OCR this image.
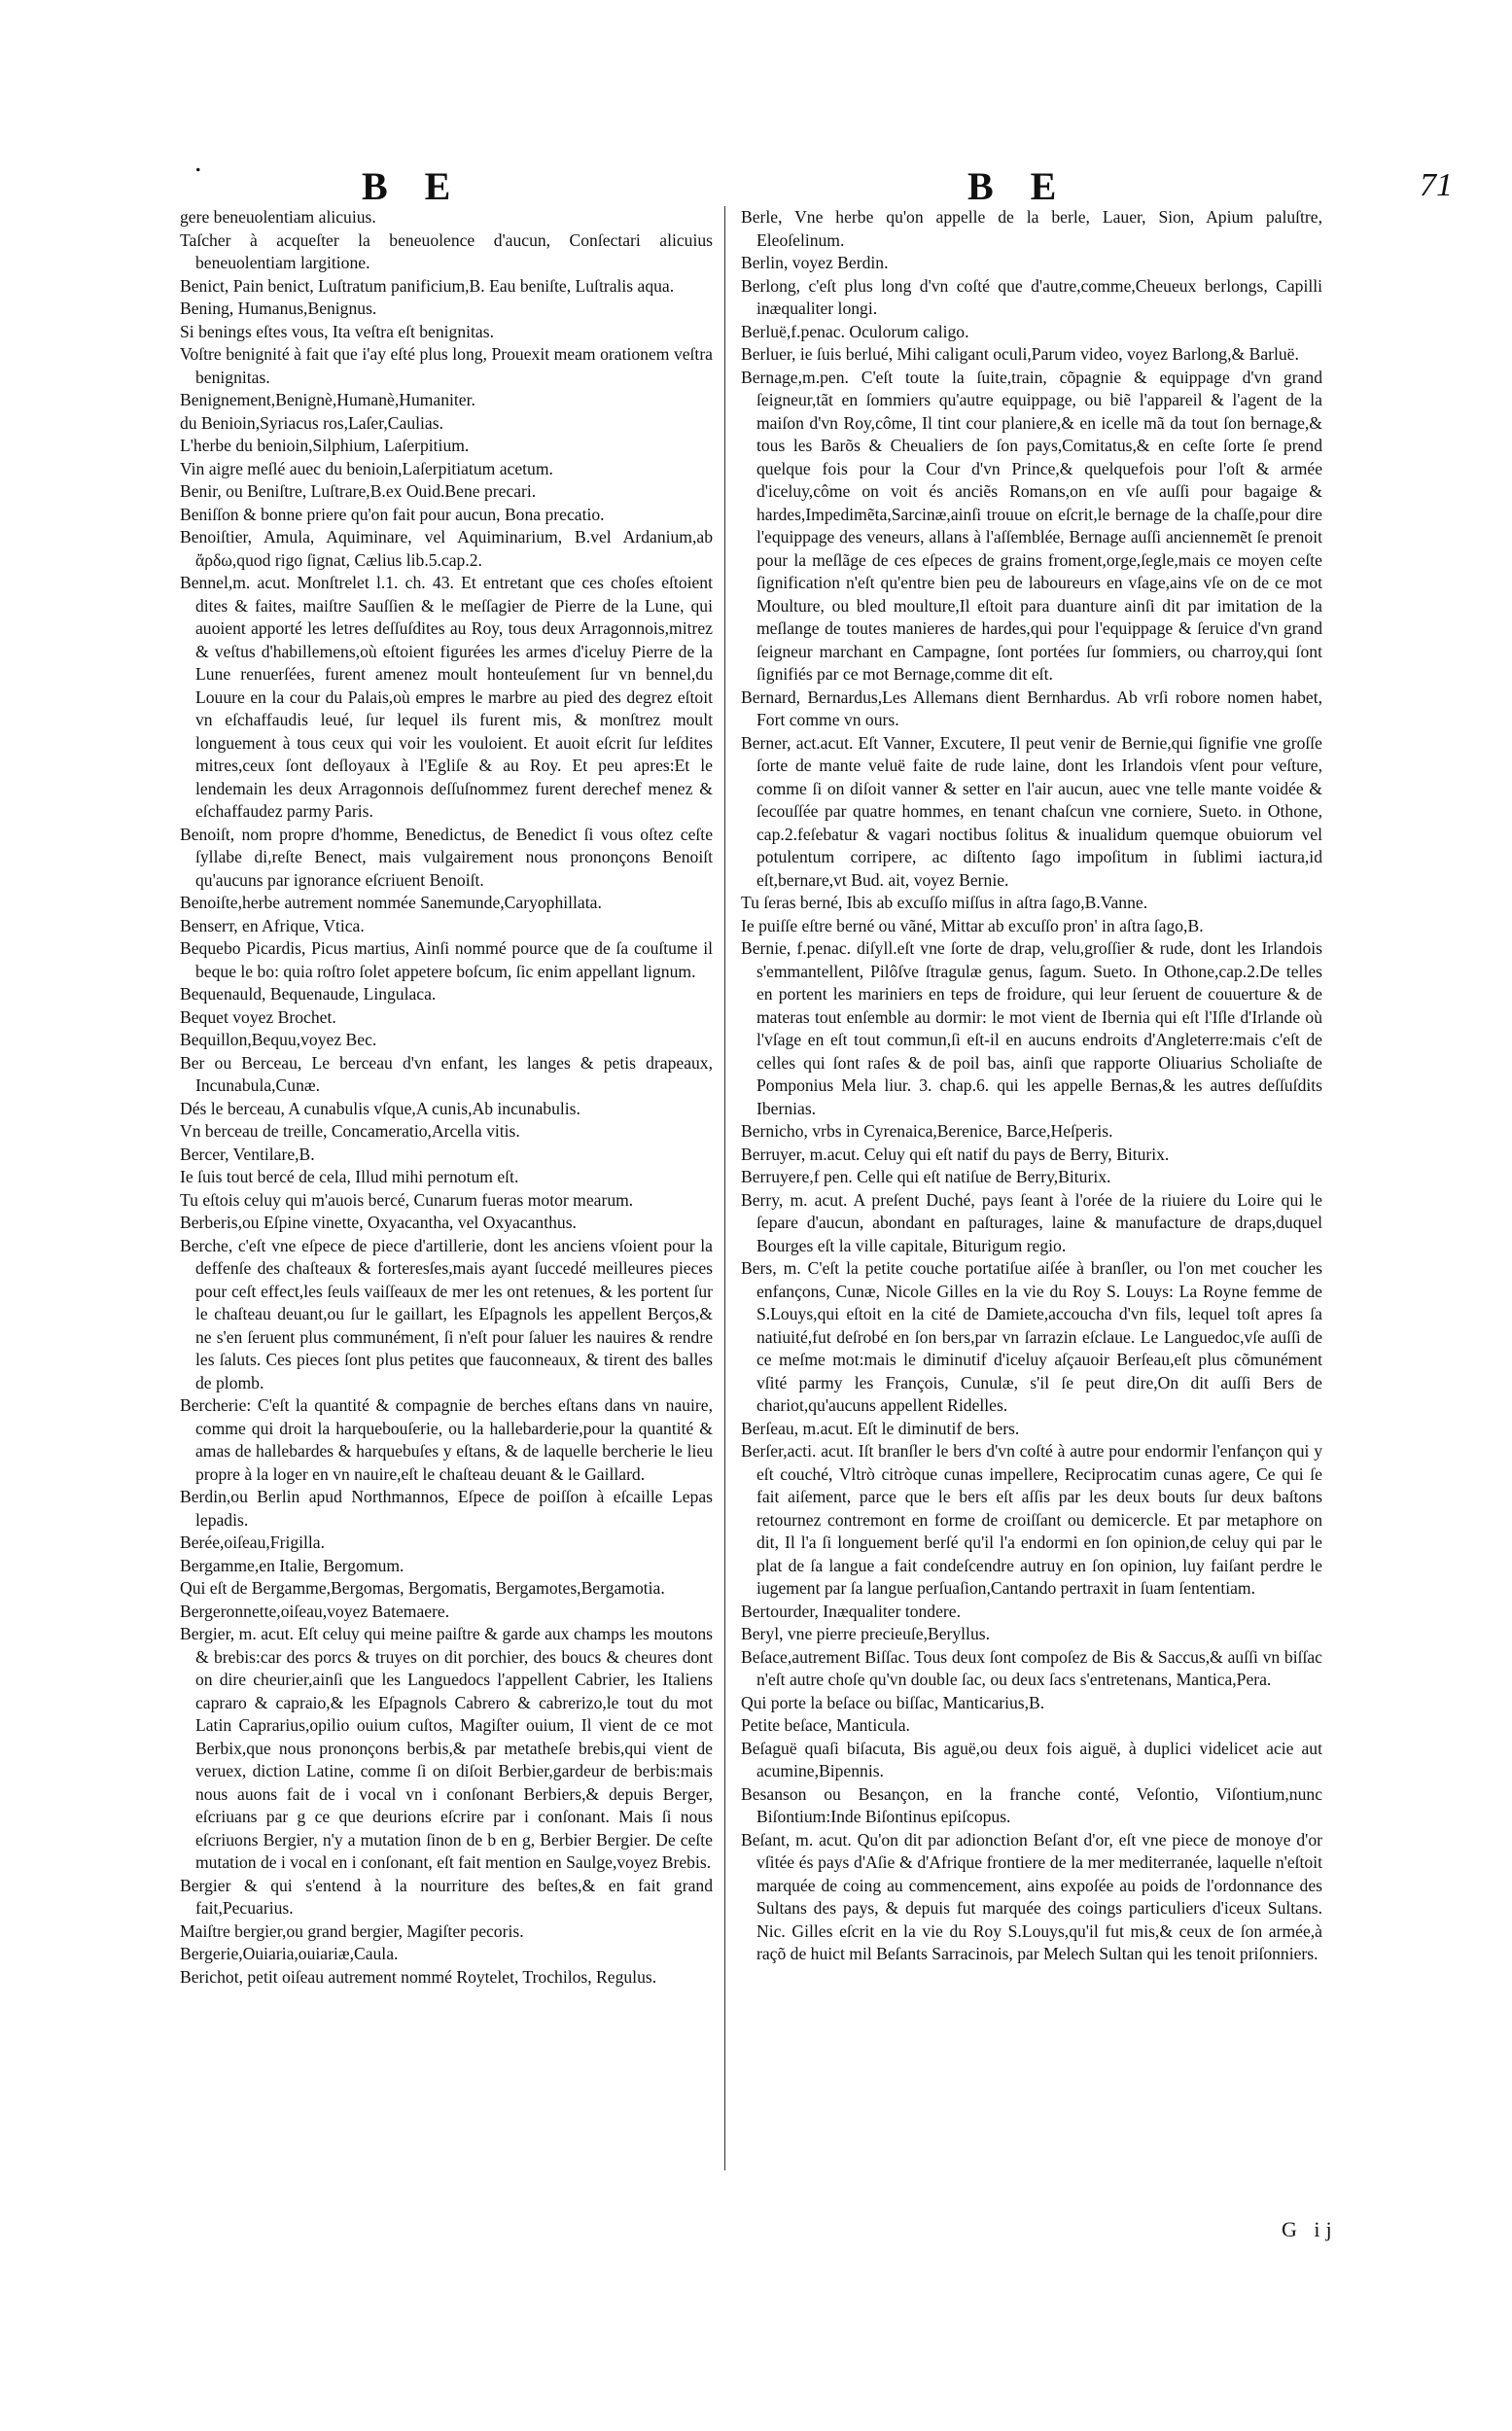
.
B E	B E	71

gere beneuolentiam alicuius.

Taſcher à acqueſter la beneuolence d'aucun, Conſectari alicuius beneuolentiam largitione.

Benict, Pain benict, Luſtratum panificium,B. Eau beniſte, Luſtralis aqua.

Bening, Humanus,Benignus.

Si benings eſtes vous, Ita veſtra eſt benignitas.

Voſtre benignité à fait que i'ay eſté plus long, Prouexit meam orationem veſtra benignitas.

Benignement,Benignè,Humanè,Humaniter.

du Benioin,Syriacus ros,Laſer,Caulias.

L'herbe du benioin,Silphium, Laſerpitium.

Vin aigre meſlé auec du benioin,Laſerpitiatum acetum.

Benir, ou Beniſtre, Luſtrare,B.ex Ouid.Bene precari.

Beniſſon & bonne priere qu'on fait pour aucun, Bona precatio.

Benoiſtier, Amula, Aquiminare, vel Aquiminarium, B.vel Ardanium,ab ἄρδω,quod rigo ſignat, Cælius lib.5.cap.2.

Bennel,m. acut. Monſtrelet l.1. ch. 43. Et entretant que ces choſes eſtoient dites & faites, maiſtre Sauſſien & le meſſagier de Pierre de la Lune, qui auoient apporté les letres deſſuſdites au Roy, tous deux Arragonnois,mitrez & veſtus d'habillemens,où eſtoient figurées les armes d'iceluy Pierre de la Lune renuerſées, furent amenez moult honteuſement ſur vn bennel,du Louure en la cour du Palais,où empres le marbre au pied des degrez eſtoit vn eſchaffaudis leué, ſur lequel ils furent mis, & monſtrez moult longuement à tous ceux qui voir les vouloient. Et auoit eſcrit ſur leſdites mitres,ceux ſont deſloyaux à l'Egliſe & au Roy. Et peu apres:Et le lendemain les deux Arragonnois deſſuſnommez furent derechef menez & eſchaffaudez parmy Paris.

Benoiſt, nom propre d'homme, Benedictus, de Benedict ſi vous oſtez ceſte ſyllabe di,reſte Benect, mais vulgairement nous prononçons Benoiſt qu'aucuns par ignorance eſcriuent Benoiſt.

Benoiſte,herbe autrement nommée Sanemunde,Caryophillata.

Benserт, en Afrique, Vtica.

Bequebo Picardis, Picus martius, Ainſi nommé pource que de ſa couſtume il beque le bo: quia roſtro ſolet appetere boſcum, ſic enim appellant lignum.

Bequenauld, Bequenaude, Lingulaca.

Bequet voyez Brochet.

Bequillon,Bequu,voyez Bec.

Ber ou Berceau, Le berceau d'vn enfant, les langes & petis drapeaux, Incunabula,Cunæ.

Dés le berceau, A cunabulis vſque,A cunis,Ab incunabulis.

Vn berceau de treille, Concameratio,Arcella vitis.

Bercer, Ventilare,B.

Ie ſuis tout bercé de cela, Illud mihi pernotum eſt.

Tu eſtois celuy qui m'auois bercé, Cunarum fueras motor mearum.

Berberis,ou Eſpine vinette, Oxyacantha, vel Oxyacanthus.

Berche, c'eſt vne eſpece de piece d'artillerie, dont les anciens vſoient pour la deffenſe des chaſteaux & forteresſes,mais ayant ſuccedé meilleures pieces pour ceſt effect,les ſeuls vaiſſeaux de mer les ont retenues, & les portent ſur le chaſteau deuant,ou ſur le gaillart, les Eſpagnols les appellent Berços,& ne s'en ſeruent plus communément, ſi n'eſt pour ſaluer les nauires & rendre les ſaluts. Ces pieces ſont plus petites que fauconneaux, & tirent des balles de plomb.

Bercherie: C'eſt la quantité & compagnie de berches eſtans dans vn nauire, comme qui droit la harquebouſerie, ou la hallebarderie,pour la quantité & amas de hallebardes & harquebuſes y eſtans, & de laquelle bercherie le lieu propre à la loger en vn nauire,eſt le chaſteau deuant & le Gaillard.

Berdin,ou Berlin apud Northmannos, Eſpece de poiſſon à eſcaille Lepas lepadis.

Berée,oiſeau,Frigilla.

Bergamme,en Italie, Bergomum.

Qui eſt de Bergamme,Bergomas, Bergomatis, Bergamotes,Bergamotia.

Bergeronnette,oiſeau,voyez Batemaere.

Bergier, m. acut. Eſt celuy qui meine paiſtre & garde aux champs les moutons & brebis:car des porcs & truyes on dit porchier, des boucs & cheures dont on dire cheurier,ainſi que les Languedocs l'appellent Cabrier, les Italiens capraro & capraio,& les Eſpagnols Cabrero & cabrerizo,le tout du mot Latin Caprarius,opilio ouium cuſtos, Magiſter ouium, Il vient de ce mot Berbix,que nous prononçons berbis,& par metatheſe brebis,qui vient de veruex, diction Latine, comme ſi on diſoit Berbier,gardeur de berbis:mais nous auons fait de i vocal vn i conſonant Berbiers,& depuis Berger, eſcriuans par g ce que deurions eſcrire par i conſonant. Mais ſi nous eſcriuons Bergier, n'y a mutation ſinon de b en g, Berbier Bergier. De ceſte mutation de i vocal en i conſonant, eſt fait mention en Saulge,voyez Brebis.

Bergier & qui s'entend à la nourriture des beſtes,& en fait grand fait,Pecuarius.

Maiſtre bergier,ou grand bergier, Magiſter pecoris.

Bergerie,Ouiaria,ouiariæ,Caula.

Berichot, petit oiſeau autrement nommé Roytelet, Trochilos, Regulus.

Berle, Vne herbe qu'on appelle de la berle, Lauer, Sion, Apium paluſtre, Eleoſelinum.

Berlin, voyez Berdin.

Berlong, c'eſt plus long d'vn coſté que d'autre,comme,Cheueux berlongs, Capilli inæqualiter longi.

Berluë,f.penac. Oculorum caligo.

Berluer, ie ſuis berlué, Mihi caligant oculi,Parum video, voyez Barlong,& Barluë.

Bernage,m.pen. C'eſt toute la ſuite,train, cõpagnie & equippage d'vn grand ſeigneur,tãt en ſommiers qu'autre equippage, ou biẽ l'appareil & l'agent de la maiſon d'vn Roy,côme, Il tint cour planiere,& en icelle mã da tout ſon bernage,& tous les Barõs & Cheualiers de ſon pays,Comitatus,& en ceſte ſorte ſe prend quelque fois pour la Cour d'vn Prince,& quelquefois pour l'oſt & armée d'iceluy,côme on voit és anciẽs Romans,on en vſe auſſi pour bagaige & hardes,Impedimẽta,Sarcinæ,ainſi trouue on eſcrit,le bernage de la chaſſe,pour dire l'equippage des veneurs, allans à l'aſſemblée, Bernage auſſi anciennemẽt ſe prenoit pour la meſlãge de ces eſpeces de grains froment,orge,ſegle,mais ce moyen ceſte ſignification n'eſt qu'entre bien peu de laboureurs en vſage,ains vſe on de ce mot Moulture, ou bled moulture,Il eſtoit para duanture ainſi dit par imitation de la meſlange de toutes manieres de hardes,qui pour l'equippage & ſeruice d'vn grand ſeigneur marchant en Campagne, ſont portées ſur ſommiers, ou charroy,qui ſont ſignifiés par ce mot Bernage,comme dit eſt.

Bernard, Bernardus,Les Allemans dient Bernhardus. Ab vrſi robore nomen habet, Fort comme vn ours.

Berner, act.acut. Eſt Vanner, Excutere, Il peut venir de Bernie,qui ſignifie vne groſſe ſorte de mante veluë faite de rude laine, dont les Irlandois vſent pour veſture, comme ſi on diſoit vanner & setter en l'air aucun, auec vne telle mante voidée & ſecouſſée par quatre hommes, en tenant chaſcun vne corniere, Sueto. in Othone, cap.2.feſebatur & vagari noctibus ſolitus & inualidum quemque obuiorum vel potulentum corripere, ac diſtento ſago impoſitum in ſublimi iactura,id eſt,bernare,vt Bud. ait, voyez Bernie.

Tu ſeras berné, Ibis ab excuſſo miſſus in aſtra ſago,B.Vanne.

Ie puiſſe eſtre berné ou vãné, Mittar ab excuſſo pron' in aſtra ſago,B.

Bernie, f.penac. diſyll.eſt vne ſorte de drap, velu,groſſier & rude, dont les Irlandois s'emmantellent, Pilôſve ſtragulæ genus, ſagum. Sueto. In Othone,cap.2.De telles en portent les mariniers en teps de froidure, qui leur ſeruent de couuerture & de materas tout enſemble au dormir: le mot vient de Ibernia qui eſt l'Iſle d'Irlande où l'vſage en eſt tout commun,ſi eſt-il en aucuns endroits d'Angleterre:mais c'eſt de celles qui ſont raſes & de poil bas, ainſi que rapporte Oliuarius Scholiaſte de Pomponius Mela liur. 3. chap.6. qui les appelle Bernas,& les autres deſſuſdits Ibernias.

Bernicho, vrbs in Cyrenaica,Berenice, Barce,Heſperis.

Berruyer, m.acut. Celuy qui eſt natif du pays de Berry, Biturix.

Berruyere,f pen. Celle qui eſt natiſue de Berry,Biturix.

Berry, m. acut. A preſent Duché, pays ſeant à l'orée de la riuiere du Loire qui le ſepare d'aucun, abondant en paſturages, laine & manufacture de draps,duquel Bourges eſt la ville capitale, Biturigum regio.

Bers, m. C'eſt la petite couche portatiſue aiſée à branſler, ou l'on met coucher les enfançons, Cunæ, Nicole Gilles en la vie du Roy S. Louys: La Royne femme de S.Louys,qui eſtoit en la cité de Damiete,accoucha d'vn fils, lequel toſt apres ſa natiuité,fut deſrobé en ſon bers,par vn ſarrazin eſclaue. Le Languedoc,vſe auſſi de ce meſme mot:mais le diminutif d'iceluy aſçauoir Berſeau,eſt plus cõmunément vſité parmy les François, Cunulæ, s'il ſe peut dire,On dit auſſi Bers de chariot,qu'aucuns appellent Ridelles.

Berſeau, m.acut. Eſt le diminutif de bers.

Berſer,acti. acut. Iſt branſler le bers d'vn coſté à autre pour endormir l'enfançon qui y eſt couché, Vltrò citròque cunas impellere, Reciprocatim cunas agere, Ce qui ſe fait aiſement, parce que le bers eſt aſſis par les deux bouts ſur deux baſtons retournez contremont en forme de croiſſant ou demicercle. Et par metaphore on dit, Il l'a ſi longuement berſé qu'il l'a endormi en ſon opinion,de celuy qui par le plat de ſa langue a fait condeſcendre autruy en ſon opinion, luy faiſant perdre le iugement par ſa langue perſuaſion,Cantando pertraxit in ſuam ſententiam.

Bertourder, Inæqualiter tondere.

Beryl, vne pierre precieuſe,Beryllus.

Beſace,autrement Biſſac. Tous deux ſont compoſez de Bis & Saccus,& auſſi vn biſſac n'eſt autre choſe qu'vn double ſac, ou deux ſacs s'entretenans, Mantica,Pera.

Qui porte la beſace ou biſſac, Manticarius,B.

Petite beſace, Manticula.

Beſaguë quaſi biſacuta, Bis aguë,ou deux fois aiguë, à duplici videlicet acie aut acumine,Bipennis.

Besanson ou Besançon, en la franche conté, Veſontio, Viſontium,nunc Biſontium:Inde Biſontinus epiſcopus.

Beſant, m. acut. Qu'on dit par adionction Beſant d'or, eſt vne piece de monoye d'or vſitée és pays d'Aſie & d'Afrique frontiere de la mer mediterranée, laquelle n'eſtoit marquée de coing au commencement, ains expoſée au poids de l'ordonnance des Sultans des pays, & depuis fut marquée des coings particuliers d'iceux Sultans. Nic. Gilles eſcrit en la vie du Roy S.Louys,qu'il fut mis,& ceux de ſon armée,à raçõ de huict mil Beſants Sarracinois, par Melech Sultan qui les tenoit priſonniers.

G ij
